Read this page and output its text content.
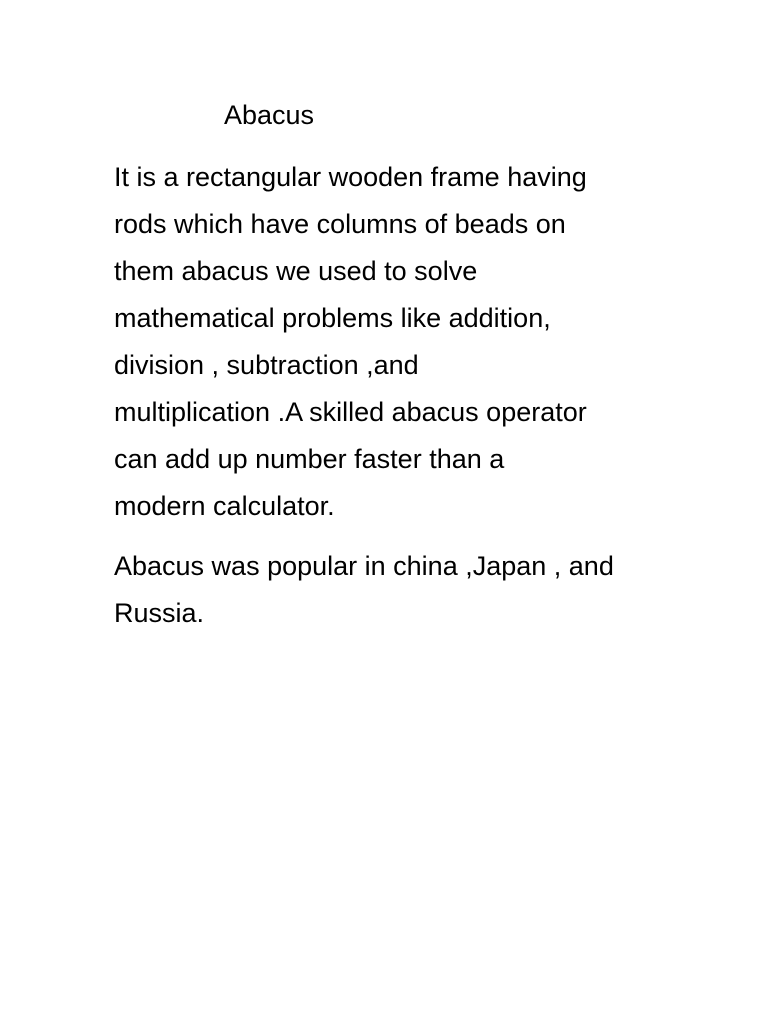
Abacus

It is a rectangular wooden frame having
rods which have columns of beads on
them abacus we used to solve
mathematical problems like addition,
division , subtraction ,and
multiplication .A skilled abacus operator
can add up number faster than a
modern calculator.

Abacus was popular in china ,Japan , and
Russia.
